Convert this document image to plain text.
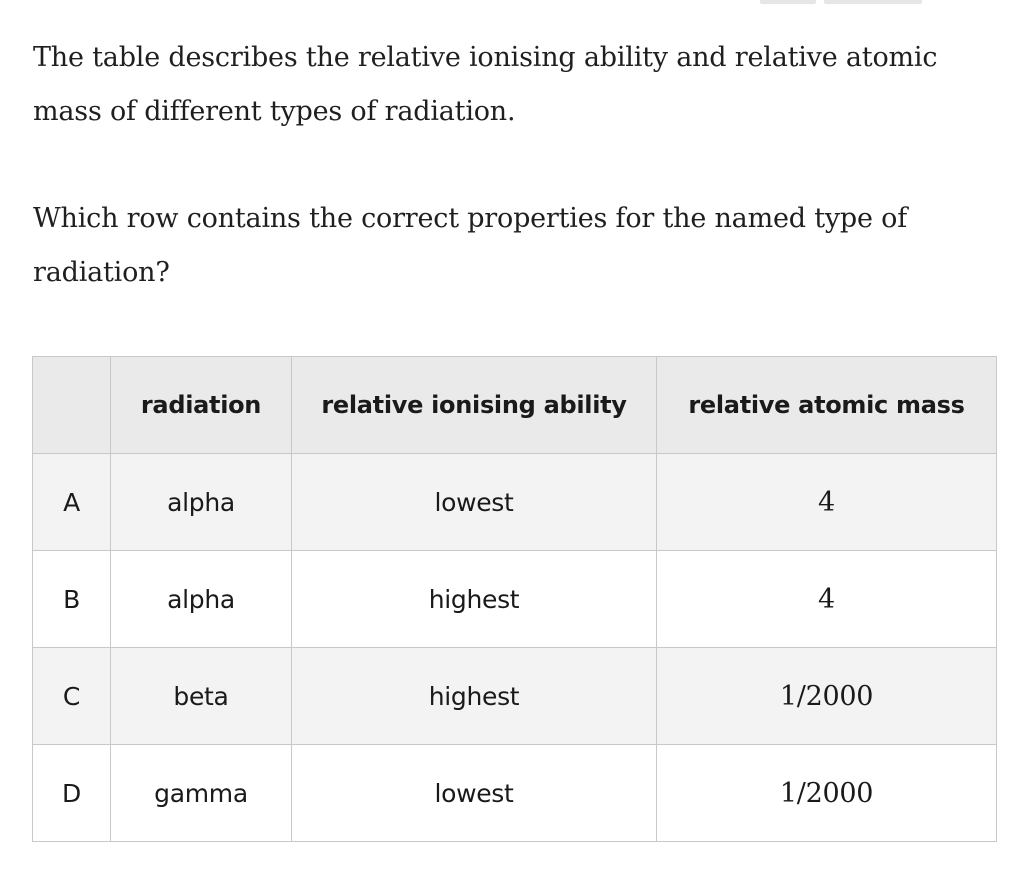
The table describes the relative ionising ability and relative atomic mass of different types of radiation.

Which row contains the correct properties for the named type of radiation?

	radiation	relative ionising ability	relative atomic mass
A	alpha	lowest	4
B	alpha	highest	4
C	beta	highest	1/2000
D	gamma	lowest	1/2000
